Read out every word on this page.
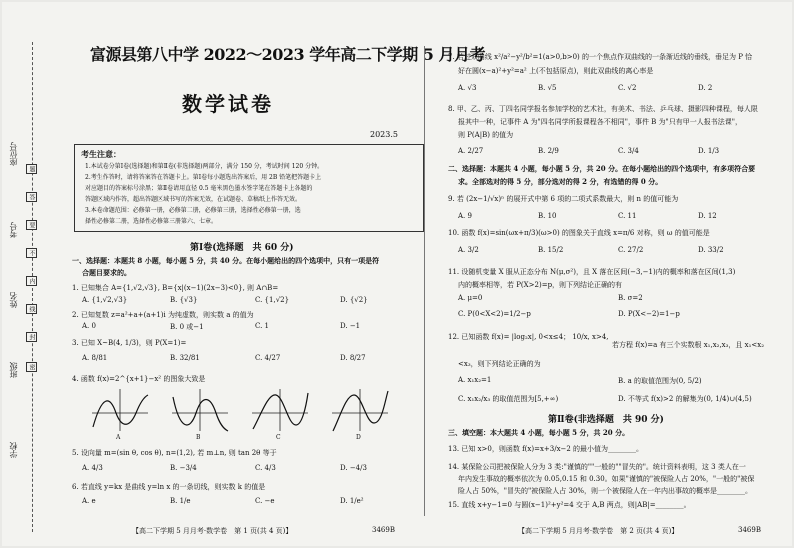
学校
班级
姓名
考号
座位号
密
封
线
内
不
要
答
题
富源县第八中学 2022～2023 学年高二下学期 5 月月考
数学试卷
2023.5
考生注意：
1.本试卷分第Ⅰ卷(选择题)和第Ⅱ卷(非选择题)两部分，满分 150 分，考试时间 120 分钟。
2.考生作答时，请将答案答在答题卡上。第Ⅰ卷每小题选出答案后，用 2B 铅笔把答题卡上
对应题目的答案标号涂黑；第Ⅱ卷请用直径 0.5 毫米黑色墨水签字笔在答题卡上各题的
答题区域内作答，超出答题区域书写的答案无效，在试题卷、草稿纸上作答无效。
3.本卷命题范围：必修第一册，必修第二册，必修第三册，选择性必修第一册，选
择性必修第二册，选择性必修第三册第六、七章。
第Ⅰ卷(选择题　共 60 分)
一、选择题：本题共 8 小题，每小题 5 分，共 40 分。在每小题给出的四个选项中，只有一项是符
合题目要求的。
1. 已知集合 A={1,√2,√3}, B={x|(x−1)(2x−3)<0}, 则 A∩B=
A. {1,√2,√3}	B. {√3}	C. {1,√2}	D. {√2}
2. 已知复数 z=a²+a+(a+1)i 为纯虚数，则实数 a 的值为
A. 0	B. 0 或−1	C. 1	D. −1
3. 已知 X~B(4, 1/3)，则 P(X=1)=
A. 8/81	B. 32/81	C. 4/27	D. 8/27
4. 函数 f(x)=2^{x+1}−x² 的图象大致是
A	B	C	D
5. 设向量 m=(sin θ, cos θ), n=(1,2), 若 m⊥n, 则 tan 2θ 等于
A. 4/3	B. −3/4	C. 4/3	D. −4/3
6. 若直线 y=kx 是曲线 y=ln x 的一条切线，则实数 k 的值是
A. e	B. 1/e	C. −e	D. 1/e²
【高二下学期 5 月月考·数学卷　第 1 页(共 4 页)】	3469B
7. 若过双曲线 x²/a²−y²/b²=1(a>0,b>0) 的一个焦点作双曲线的一条渐近线的垂线，垂足为 P 恰
好在圆(x−a)²+y²=a² 上(不包括原点)，则此双曲线的离心率是
A. √3	B. √5	C. √2	D. 2
8. 甲、乙、丙、丁四名同学报名参加学校的艺术社，有美术、书法、乒乓球、摄影四种课程，每人限
报其中一种，记事件 A 为"四名同学所报课程各不相同"，事件 B 为"只有甲一人报书法课"，
则 P(A|B) 的值为
A. 2/27	B. 2/9	C. 3/4	D. 1/3
二、选择题：本题共 4 小题，每小题 5 分，共 20 分。在每小题给出的四个选项中，有多项符合要
求。全部选对的得 5 分，部分选对的得 2 分，有选错的得 0 分。
9. 若 (2x−1/√x)ⁿ 的展开式中第 6 项的二项式系数最大，则 n 的值可能为
A. 9	B. 10	C. 11	D. 12
10. 函数 f(x)=sin(ωx+π/3)(ω>0) 的图象关于直线 x=π/6 对称，则 ω 的值可能是
A. 3/2	B. 15/2	C. 27/2	D. 33/2
11. 设随机变量 X 服从正态分布 N(μ,σ²)，且 X 落在区间(−3,−1)内的概率和落在区间(1,3)
内的概率相等，若 P(X>2)=p，则下列结论正确的有
A. μ=0	B. σ=2
C. P(0<X<2)=1/2−p	D. P(X<−2)=1−p
12. 已知函数 f(x)= |log₂x|, 0<x≤4； 10/x, x>4,
若方程 f(x)=a 有三个实数根 x₁,x₂,x₃，且 x₁<x₂
<x₃，则下列结论正确的为
A. x₁x₂=1	B. a 的取值范围为(0, 5/2)
C. x₁x₂/x₃ 的取值范围为[5,+∞)	D. 不等式 f(x)>2 的解集为(0, 1/4)∪(4,5)
第Ⅱ卷(非选择题　共 90 分)
三、填空题：本大题共 4 小题，每小题 5 分，共 20 分。
13. 已知 x>0，则函数 f(x)=x+3/x−2 的最小值为________。
14. 某保险公司把被保险人分为 3 类:"谨慎的""一般的""冒失的"。统计资料表明，这 3 类人在一
年内发生事故的概率依次为 0.05,0.15 和 0.30。如果"谨慎的"被保险人占 20%，"一般的"被保
险人占 50%，"冒失的"被保险人占 30%，则一个被保险人在一年内出事故的概率是________。
15. 直线 x+y−1=0 与圆(x−1)²+y²=4 交于 A,B 两点，则|AB|=________。
【高二下学期 5 月月考·数学卷　第 2 页(共 4 页)】	3469B
